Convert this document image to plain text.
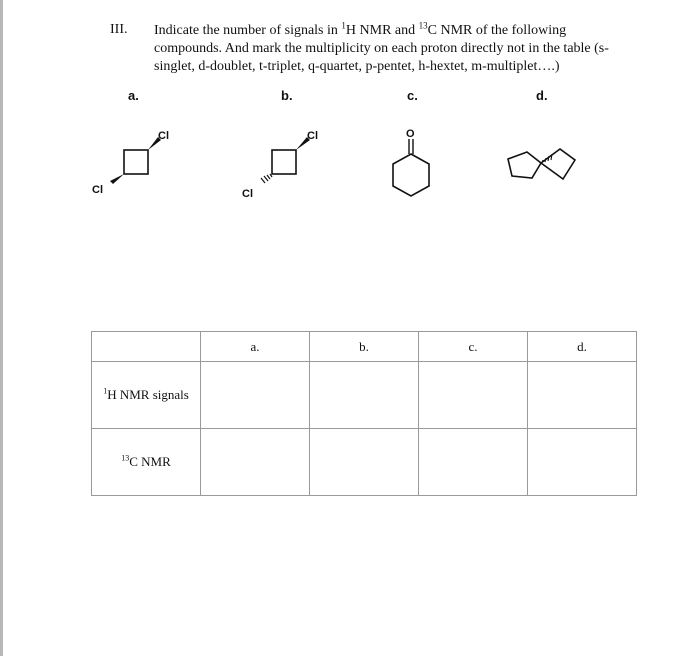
III. Indicate the number of signals in $^1$H NMR and $^{13}$C NMR of the following compounds. And mark the multiplicity on each proton directly not in the table (s-singlet, d-doublet, t-triplet, q-quartet, p-pentet, h-hextet, m-multiplet….)
a.	b.	c.	d.
Cl
Cl
Cl
Cl
O
	a.	b.	c.	d.
$^1$H NMR signals				
$^{13}$C NMR				
